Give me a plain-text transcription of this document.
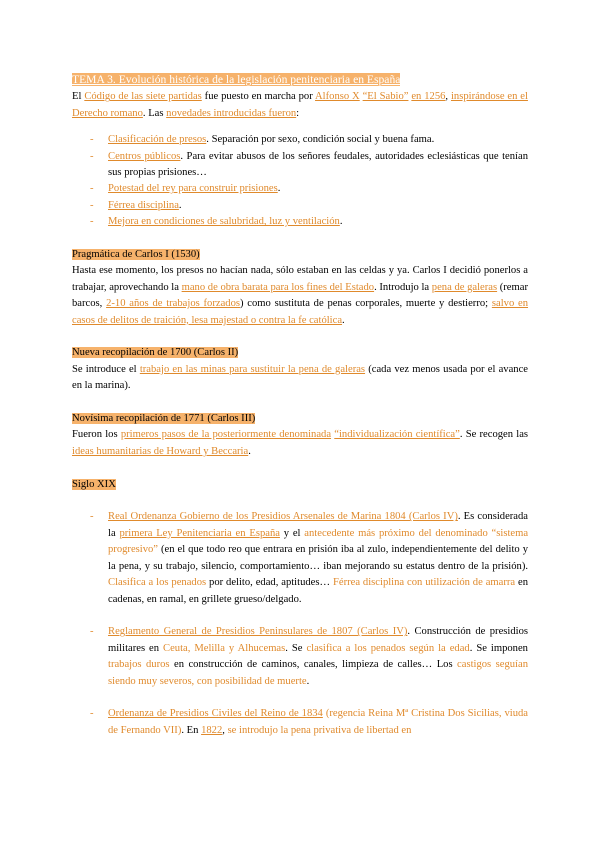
TEMA 3. Evolución histórica de la legislación penitenciaria en España

El Código de las siete partidas fue puesto en marcha por Alfonso X “El Sabio” en 1256, inspirándose en el Derecho romano. Las novedades introducidas fueron:

- Clasificación de presos. Separación por sexo, condición social y buena fama.
- Centros públicos. Para evitar abusos de los señores feudales, autoridades eclesiásticas que tenían sus propias prisiones…
- Potestad del rey para construir prisiones.
- Férrea disciplina.
- Mejora en condiciones de salubridad, luz y ventilación.

Pragmática de Carlos I (1530)

Hasta ese momento, los presos no hacían nada, sólo estaban en las celdas y ya. Carlos I decidió ponerlos a trabajar, aprovechando la mano de obra barata para los fines del Estado. Introdujo la pena de galeras (remar barcos, 2-10 años de trabajos forzados) como sustituta de penas corporales, muerte y destierro; salvo en casos de delitos de traición, lesa majestad o contra la fe católica.

Nueva recopilación de 1700 (Carlos II)

Se introduce el trabajo en las minas para sustituir la pena de galeras (cada vez menos usada por el avance en la marina).

Novísima recopilación de 1771 (Carlos III)

Fueron los primeros pasos de la posteriormente denominada “individualización científica”. Se recogen las ideas humanitarias de Howard y Beccaria.

Siglo XIX

- Real Ordenanza Gobierno de los Presidios Arsenales de Marina 1804 (Carlos IV). Es considerada la primera Ley Penitenciaria en España y el antecedente más próximo del denominado “sistema progresivo” (en el que todo reo que entrara en prisión iba al zulo, independientemente del delito y la pena, y su trabajo, silencio, comportamiento… iban mejorando su estatus dentro de la prisión). Clasifica a los penados por delito, edad, aptitudes… Férrea disciplina con utilización de amarra en cadenas, en ramal, en grillete grueso/delgado.
- Reglamento General de Presidios Peninsulares de 1807 (Carlos IV). Construcción de presidios militares en Ceuta, Melilla y Alhucemas. Se clasifica a los penados según la edad. Se imponen trabajos duros en construcción de caminos, canales, limpieza de calles… Los castigos seguían siendo muy severos, con posibilidad de muerte.
- Ordenanza de Presidios Civiles del Reino de 1834 (regencia Reina Mª Cristina Dos Sicilias, viuda de Fernando VII). En 1822, se introdujo la pena privativa de libertad en
